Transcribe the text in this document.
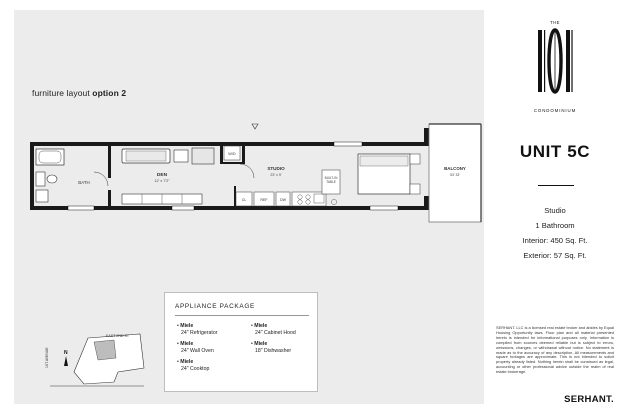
furniture layout option 2
BATH
DEN
12' x 7'2"
W/D
CL	REF	DW
STUDIO
23' x 9'
BUILT-IN
TABLE
BALCONY
53' 33'
APPLIANCE PACKAGE
• Miele
24" Refrigerator
• Miele
24" Wall Oven
• Miele
24" Cooktop
• Miele
24" Cabinet Hood
• Miele
18" Dishwasher
EAST 2ND ST
1ST AVENUE	N
THE
CONDOMINIUM
UNIT 5C
Studio
1 Bathroom
Interior: 450 Sq. Ft.
Exterior: 57 Sq. Ft.
SERHANT. LLC is a licensed real estate broker and abides by Equal Housing Opportunity laws. Floor plan and all material presented herein is intended for informational purposes only. Information is compiled from sources deemed reliable but is subject to errors, omissions, changes, or withdrawal without notice. No statement is made as to the accuracy of any description. All measurements and square footages are approximate. This is not intended to solicit property already listed. Nothing herein shall be construed as legal, accounting or other professional advice outside the realm of real estate brokerage.
SERHANT.
